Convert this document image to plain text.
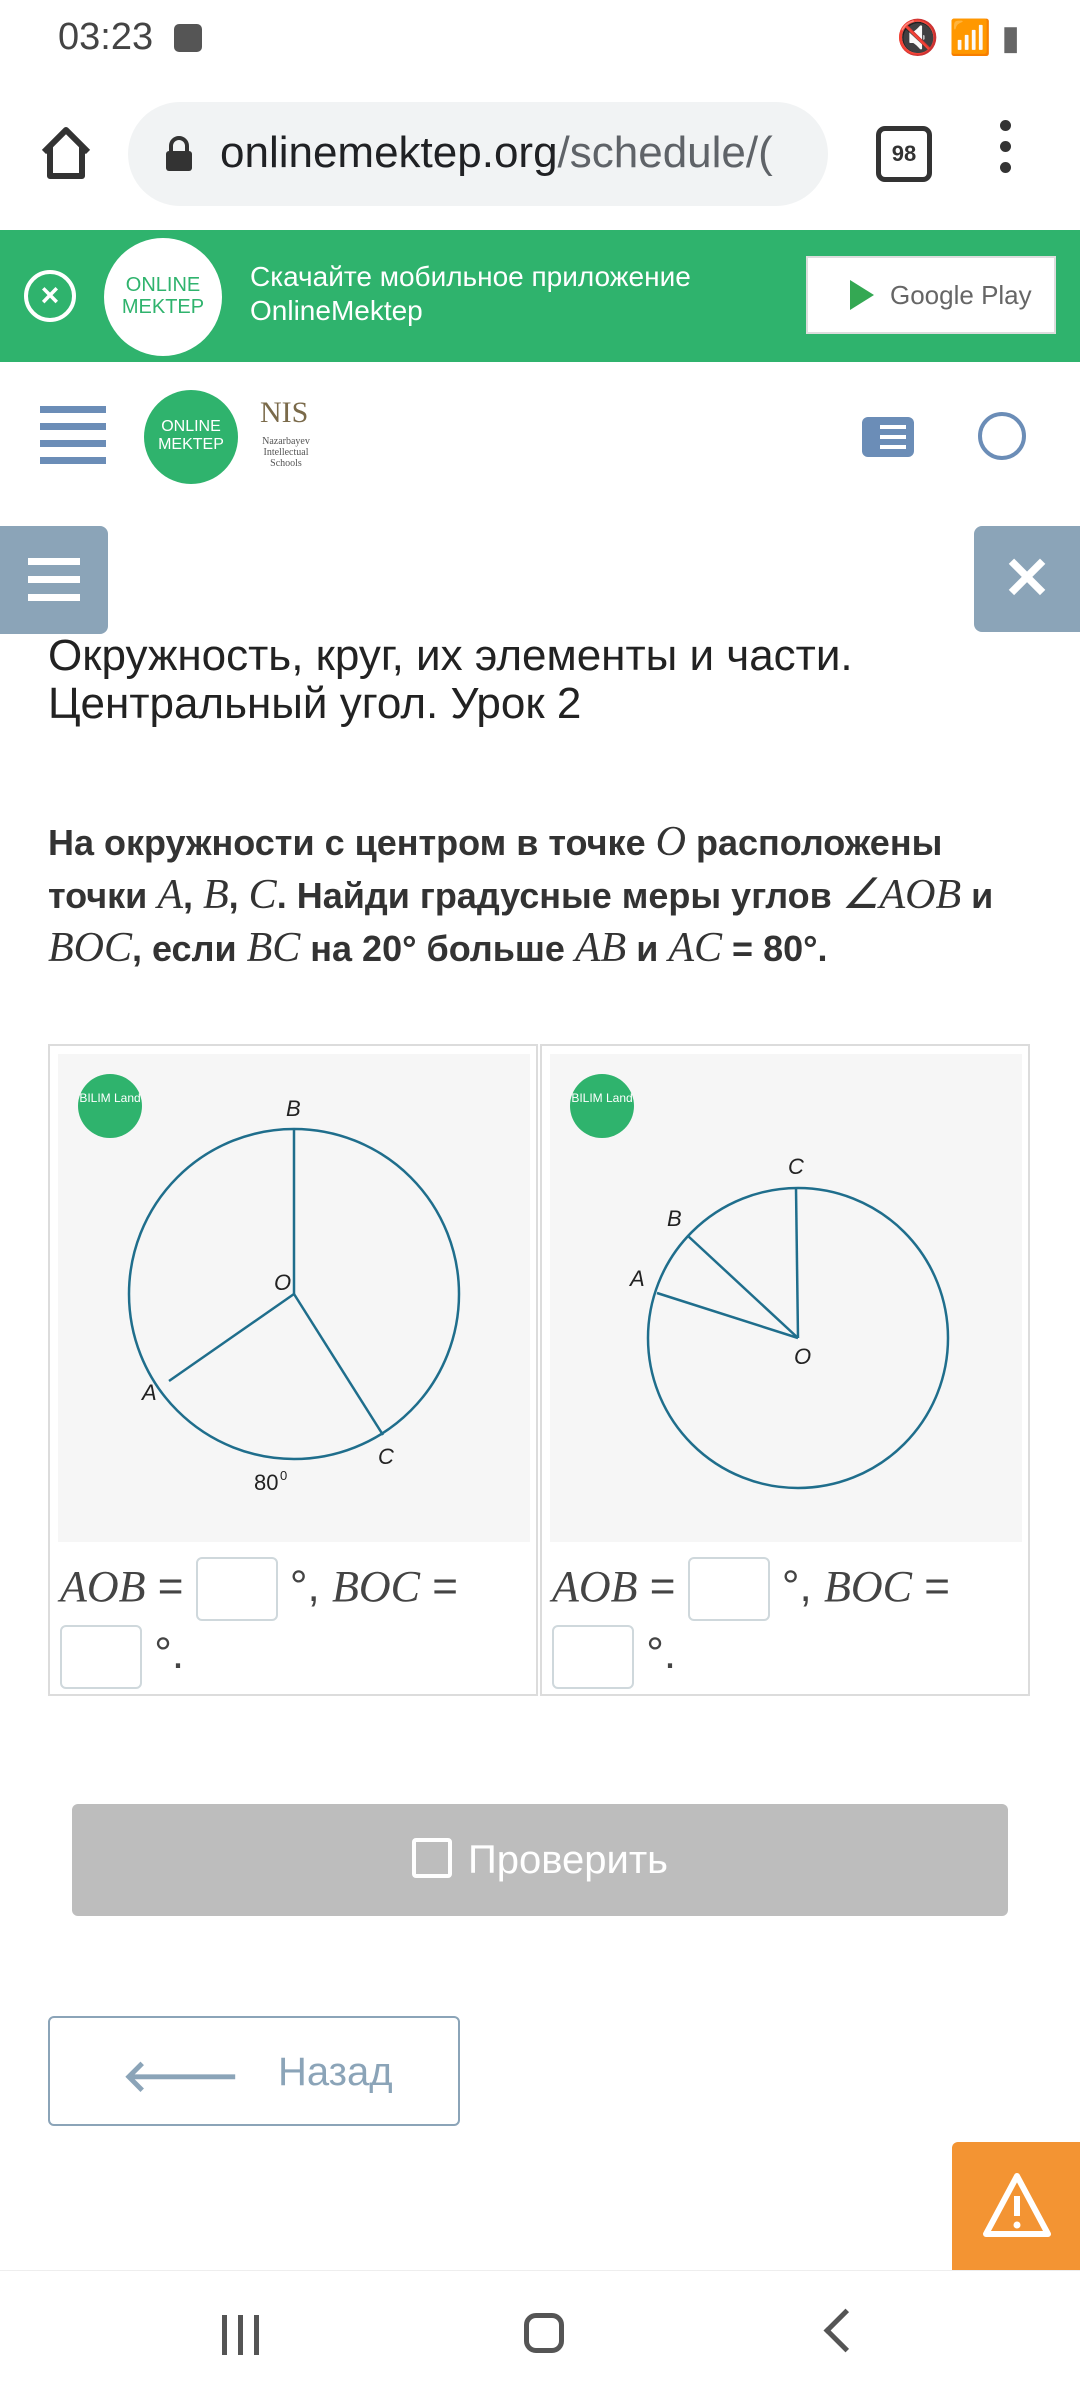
03:23	🔇📶▮
onlinemektep.org/schedule/(	98
×	ONLINE MEKTEP
Скачайте мобильное приложение
OnlineMektep	Google Play
ONLINE MEKTEP
NIS
Nazarbayev Intellectual Schools
✕
Окружность, круг, их элементы и части.
Центральный угол. Урок 2
На окружности с центром в точке O расположены точки A, B, C. Найди градусные меры углов ∠AOB и BOC, если BC на 20° больше AB и AC = 80°.
BILIM Land	B
O
A
C
80 0
AOB =  °, BOC =
°.
BILIM Land
C
B
A
O
AOB =  °, BOC =
°.
Проверить
🡐 Назад
